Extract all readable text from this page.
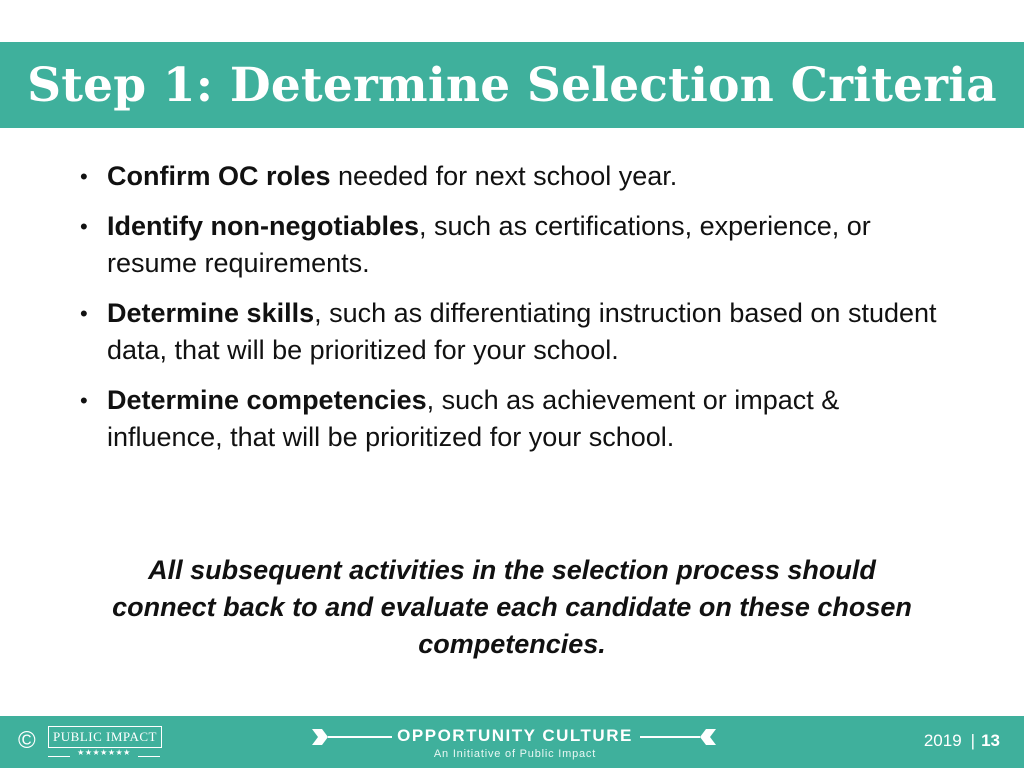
Step 1: Determine Selection Criteria
• Confirm OC roles needed for next school year.
• Identify non-negotiables, such as certifications, experience, or resume requirements.
• Determine skills, such as differentiating instruction based on student data, that will be prioritized for your school.
• Determine competencies, such as achievement or impact & influence, that will be prioritized for your school.

All subsequent activities in the selection process should connect back to and evaluate each candidate on these chosen competencies.

©	PUBLIC IMPACT
★★★★★★★
OPPORTUNITY CULTURE
An Initiative of Public Impact
2019 | 13
